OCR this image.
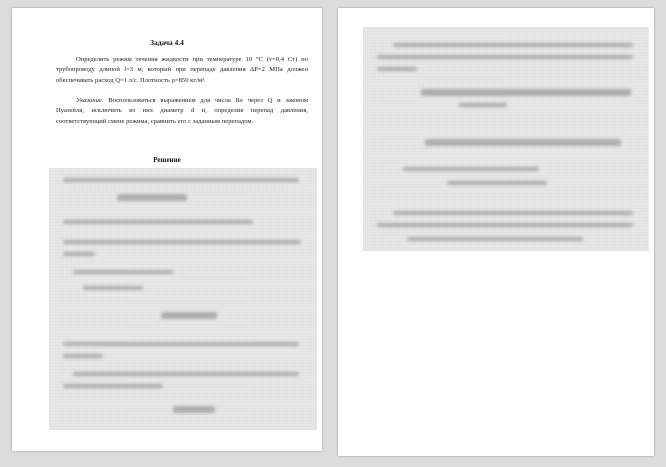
Задача 4.4
Определить режим течения жидкости при температуре 10 °С (ν=0,4 Ст) по трубопроводу длиной l=3 м, который при перепаде давления ΔP=2 МПа должен обеспечивать расход Q=1 л/с. Плотность ρ=850 кг/м³.
Указание. Воспользоваться выражением для числа Re через Q и законом Пуазейля, исключить из них диаметр d и, определив перепад давления, соответствующий смене режима, сравнить его с заданным перепадом.
Решение
